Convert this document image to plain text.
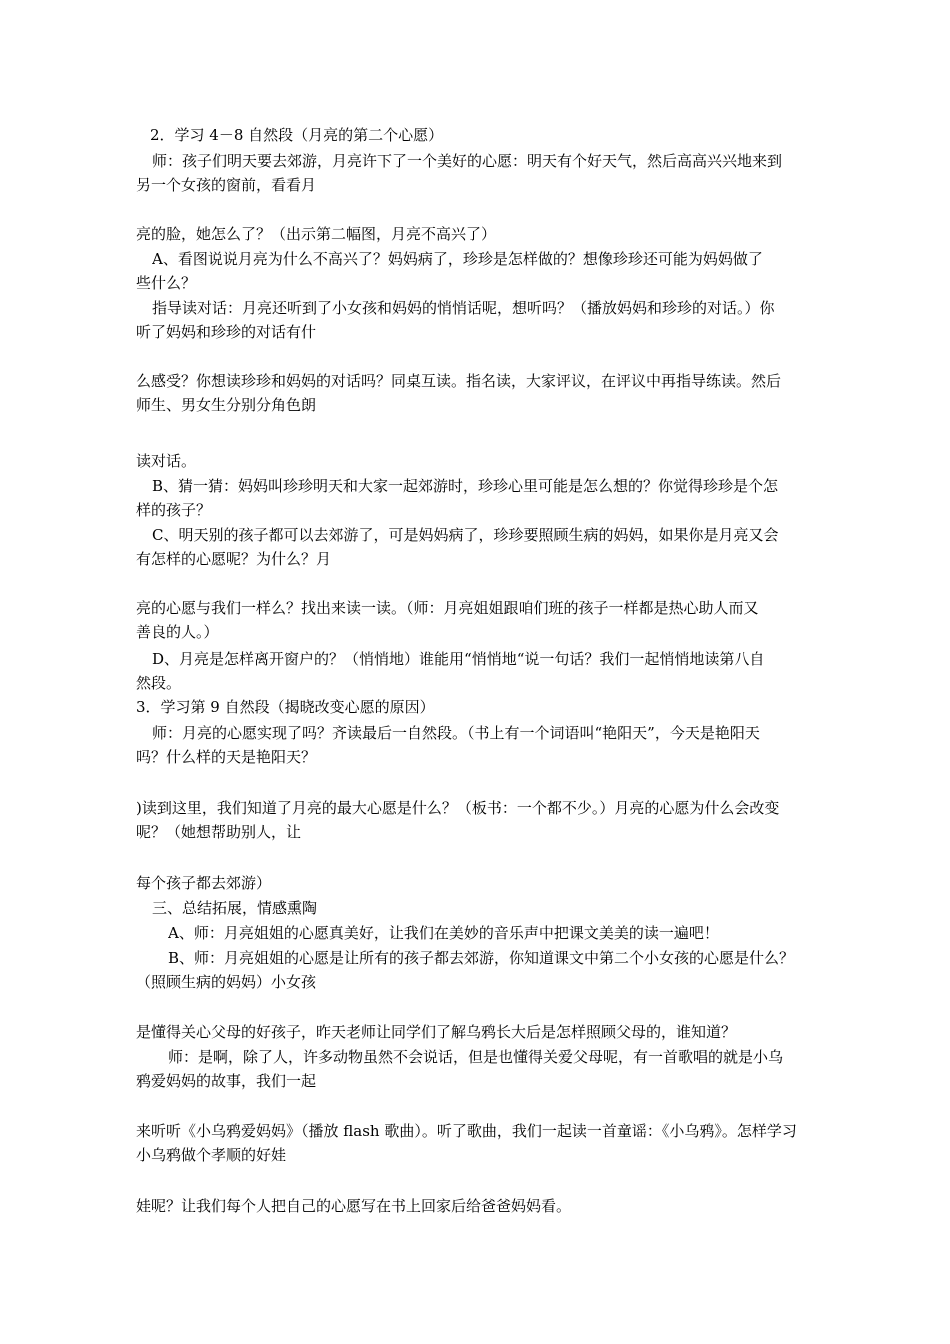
2．学习 4－8 自然段（月亮的第二个心愿）
师：孩子们明天要去郊游，月亮许下了一个美好的心愿：明天有个好天气，然后高高兴兴地来到
另一个女孩的窗前，看看月
亮的脸，她怎么了？（出示第二幅图，月亮不高兴了）
A、看图说说月亮为什么不高兴了？妈妈病了，珍珍是怎样做的？想像珍珍还可能为妈妈做了
些什么？
指导读对话：月亮还听到了小女孩和妈妈的悄悄话呢，想听吗？（播放妈妈和珍珍的对话。）你
听了妈妈和珍珍的对话有什
么感受？你想读珍珍和妈妈的对话吗？同桌互读。指名读，大家评议，在评议中再指导练读。然后
师生、男女生分别分角色朗
读对话。
B、猜一猜：妈妈叫珍珍明天和大家一起郊游时，珍珍心里可能是怎么想的？你觉得珍珍是个怎
样的孩子？
C、明天别的孩子都可以去郊游了，可是妈妈病了，珍珍要照顾生病的妈妈，如果你是月亮又会
有怎样的心愿呢？为什么？月
亮的心愿与我们一样么？找出来读一读。（师：月亮姐姐跟咱们班的孩子一样都是热心助人而又
善良的人。）
D、月亮是怎样离开窗户的？（悄悄地）谁能用“悄悄地“说一句话？我们一起悄悄地读第八自
然段。
3．学习第 9 自然段（揭晓改变心愿的原因）
师：月亮的心愿实现了吗？齐读最后一自然段。（书上有一个词语叫“艳阳天”，今天是艳阳天
吗？什么样的天是艳阳天？
)读到这里，我们知道了月亮的最大心愿是什么？（板书：一个都不少。）月亮的心愿为什么会改变
呢？（她想帮助别人，让
每个孩子都去郊游）
三、总结拓展，情感熏陶
A、师：月亮姐姐的心愿真美好，让我们在美妙的音乐声中把课文美美的读一遍吧！
B、师：月亮姐姐的心愿是让所有的孩子都去郊游，你知道课文中第二个小女孩的心愿是什么？
（照顾生病的妈妈）小女孩
是懂得关心父母的好孩子，昨天老师让同学们了解乌鸦长大后是怎样照顾父母的，谁知道？
师：是啊，除了人，许多动物虽然不会说话，但是也懂得关爱父母呢，有一首歌唱的就是小乌
鸦爱妈妈的故事，我们一起
来听听《小乌鸦爱妈妈》（播放 flash 歌曲）。听了歌曲，我们一起读一首童谣：《小乌鸦》。怎样学习
小乌鸦做个孝顺的好娃
娃呢？让我们每个人把自己的心愿写在书上回家后给爸爸妈妈看。
